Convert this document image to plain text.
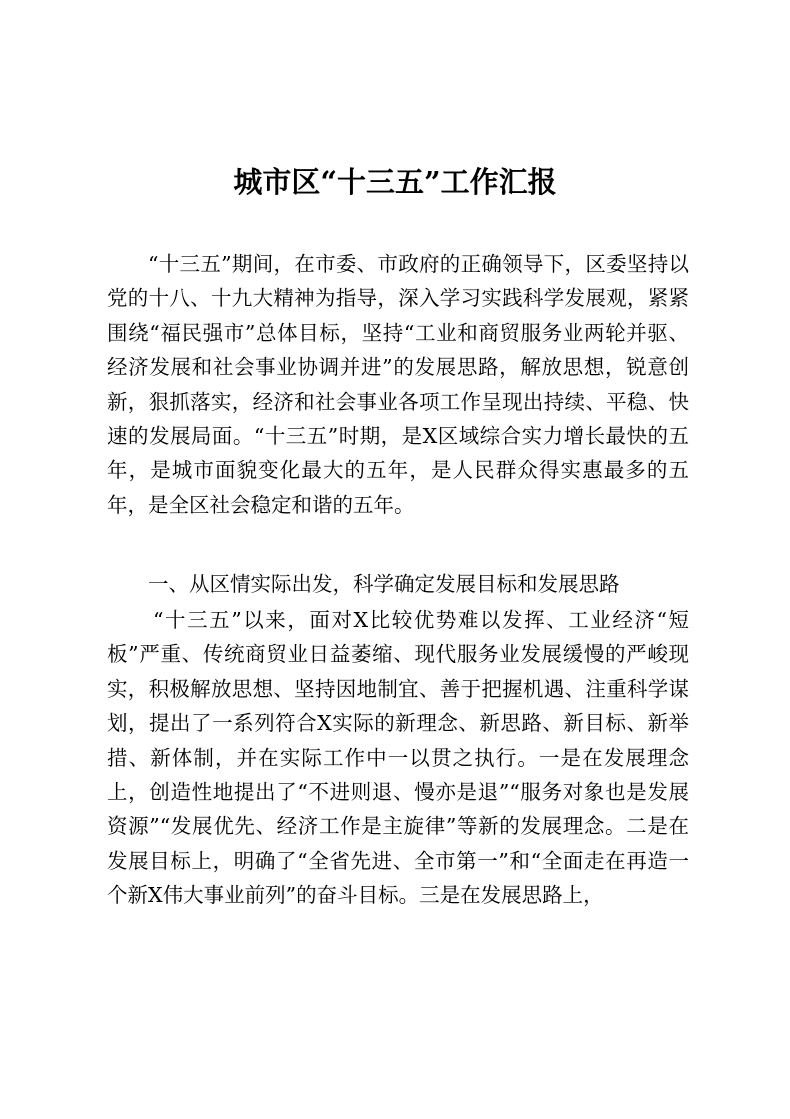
城市区“十三五”工作汇报
“十三五”期间，在市委、市政府的正确领导下，区委坚持以党的十八、十九大精神为指导，深入学习实践科学发展观，紧紧围绕“福民强市”总体目标，坚持“工业和商贸服务业两轮并驱、经济发展和社会事业协调并进”的发展思路，解放思想，锐意创新，狠抓落实，经济和社会事业各项工作呈现出持续、平稳、快速的发展局面。“十三五”时期，是X区域综合实力增长最快的五年，是城市面貌变化最大的五年，是人民群众得实惠最多的五年，是全区社会稳定和谐的五年。
一、从区情实际出发，科学确定发展目标和发展思路
“十三五”以来，面对X比较优势难以发挥、工业经济“短板”严重、传统商贸业日益萎缩、现代服务业发展缓慢的严峻现实，积极解放思想、坚持因地制宜、善于把握机遇、注重科学谋划，提出了一系列符合X实际的新理念、新思路、新目标、新举措、新体制，并在实际工作中一以贯之执行。一是在发展理念上，创造性地提出了“不进则退、慢亦是退”“服务对象也是发展资源”“发展优先、经济工作是主旋律”等新的发展理念。二是在发展目标上，明确了“全省先进、全市第一”和“全面走在再造一个新X伟大事业前列”的奋斗目标。三是在发展思路上，
